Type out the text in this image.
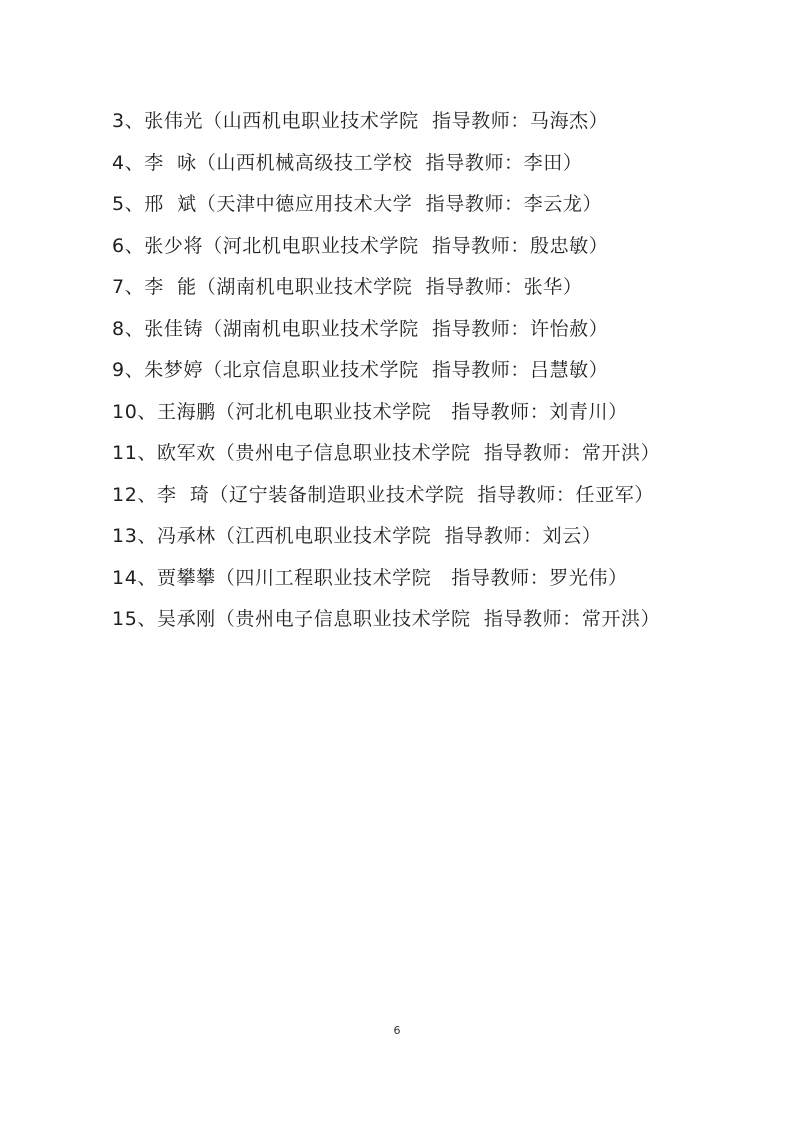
3、张伟光（山西机电职业技术学院  指导教师：马海杰）
4、李  咏（山西机械高级技工学校  指导教师：李田）
5、邢  斌（天津中德应用技术大学  指导教师：李云龙）
6、张少将（河北机电职业技术学院  指导教师：殷忠敏）
7、李  能（湖南机电职业技术学院  指导教师：张华）
8、张佳铸（湖南机电职业技术学院  指导教师：许怡赦）
9、朱梦婷（北京信息职业技术学院  指导教师：吕慧敏）
10、王海鹏（河北机电职业技术学院   指导教师：刘青川）
11、欧军欢（贵州电子信息职业技术学院  指导教师：常开洪）
12、李  琦（辽宁装备制造职业技术学院  指导教师：任亚军）
13、冯承林（江西机电职业技术学院  指导教师：刘云）
14、贾攀攀（四川工程职业技术学院   指导教师：罗光伟）
15、吴承刚（贵州电子信息职业技术学院  指导教师：常开洪）
6
